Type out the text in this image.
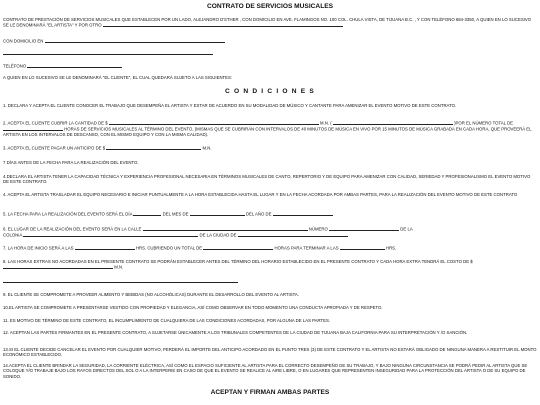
CONTRATO DE SERVICIOS MUSICALES
CONTRATO DE PRESTACIÓN DE SERVICIOS MUSICALES QUE ESTABLECEN POR UN LADO, ALEJANDRO D'STHER , CON DOMICILIO EN AVE. FLAMINGOS NO. 100 COL. CHULA VISTA, DE TIJUANA B.C. , Y CON TELÉFONO 684-3350, A QUIEN EN LO SUCESIVO SE LE DENOMINARÁ "EL ARTISTA" Y POR OTRO
CON DOMICILIO EN
TELÉFONO
A QUIEN EN LO SUCESIVO SE LE DENOMINARÁ "EL CLIENTE", EL CUAL QUEDARÁ SUJETO A LAS SIGUIENTES:
C O N D I C I O N E S
1. DECLARA Y ACEPTA EL CLIENTE CONOCER EL TRABAJO QUE DESEMPEÑA EL ARTISTA Y ESTAR DE ACUERDO EN SU MODALIDAD DE MÚSICO Y CANTANTE PARA AMENIZAR EL EVENTO MOTIVO DE ESTE CONTRATO.
2. ACEPTA EL CLIENTE CUBRIR LA CANTIDAD DE $	M.N. (	)POR EL NÚMERO TOTAL DE  HORAS DE SERVICIOS MUSICALES AL TÉRMINO DEL EVENTO, (MISMAS QUE SE CUBRIRÁN CON INTERVALOS DE 40 MINUTOS DE MÚSICA EN VIVO POR 15 MINUTOS DE MÚSICA GRABADA EN CADA HORA, QUE PROVEERÁ EL ARTISTA EN LOS INTERVALOS DE DESCANSO, CON EL MISMO EQUIPO Y CON LA MISMA CALIDAD).
3. ACEPTA EL CLIENTE PAGAR UN ANTICIPO DE $	M.N.
7 DÍAS ANTES DE LA FECHA PARA LA REALIZACIÓN DEL EVENTO.
4.DECLARA EL ARTISTA TENER LA CAPACIDAD TÉCNICA Y EXPERIENCIA PROFESIONAL NECESARIA EN TÉRMINOS MUSICALES DE CANTO, REPERTORIO Y DE EQUIPO PARA AMENIZAR CON CALIDAD, SERIEDAD Y PROFESIONALISMO EL EVENTO MOTIVO DE ESTE CONTRATO.
4. ACEPTA EL ARTISTA TRASLADAR EL EQUIPO NECESARIO E INICIAR PUNTUALMENTE A LA HORA ESTABLECIDA HASTA EL LUGAR Y EN LA FECHA ACORDADA POR AMBAS PARTES, PARA LA REALIZACIÓN DEL EVENTO MOTIVO DE ESTE CONTRATO
5. LA FECHA PARA LA REALIZACIÓN DEL EVENTO SERÁ EL DÍA	DEL MES DE	DEL AÑO DE
6. EL LUGAR DE LA REALIZACIÓN DEL EVENTO SERÁ EN LA CALLE	NÚMERO	DE LA
COLONIA	DE LA CIUDAD DE
7. LA HORA DE INICIO SERÁ A LAS	HRS. CUBRIENDO UN TOTAL DE	HORAS PARA TERMINAR A LAS	HRS.
8. LAS HORAS EXTRAS NO ACORDADAS EN EL PRESENTE CONTRATO SE PODRÁN ESTABLECER ANTES DEL TÉRMINO DEL HORARIO ESTABLECIDO EN EL PRESENTE CONTRATO Y CADA HORA EXTRA TENDRÁ EL COSTO DE $  M.N.
9. EL CLIENTE SE COMPROMETE A PROVEER ALIMENTO Y BEBIDAS (NO ALCOHÓLICAS) DURANTE EL DESARROLLO DEL EVENTO AL ARTISTA.
10.EL ARTISTA SE COMPROMETE A PRESENTARSE VESTIDO CON PROPIEDAD Y ELEGANCIA, ASÍ COMO OBSERVAR EN TODO MOMENTO UNA CONDUCTA APROPIADA Y DE RESPETO.
11. ES MOTIVO DE TÉRMINO DE ESTE CONTRATO, EL INCUMPLIMIENTO DE CUALQUIERA DE LAS CONDICIONES ACORDADAS, POR ALGUNA DE LAS PARTES.
12. ACEPTAN LAS PARTES FIRMANTES EN EL PRESENTE CONTRATO, A SUJETARSE ÚNICAMENTE A LOS TRIBUNALES COMPETENTES DE LA CIUDAD DE TIJUANA BAJA CALIFORNIA PARA SU INTERPRETACIÓN Y /O SANCIÓN.
13.SI EL CLIENTE DECIDE CANCELAR EL EVENTO POR CUALQUIER MOTIVO, PERDERÁ EL IMPORTE DEL ANTICIPO ACORDADO EN EL PUNTO TRES (3) DE ESTE CONTRATO Y EL ARTISTA NO ESTARÁ OBLIGADO DE NINGUNA MANERA A RESTITUIR EL MONTO ECONÓMICO ESTABLECIDO.
14.ACEPTA EL CLIENTE BRINDAR LA SEGURIDAD, LA CORRIENTE ELÉCTRICA, ASÍ COMO EL ESPACIO SUFICIENTE AL ARTISTA PARA EL CORRECTO DESEMPEÑO DE SU TRABAJO, Y BAJO NINGUNA CIRCUNSTANCIA SE PODRÁ PEDIR AL ARTISTA QUE SE COLOQUE Y/O TRABAJE BAJO LOS RAYOS DIRECTOS DEL SOL O A LA INTERPERIE EN CASO DE QUE EL EVENTO SE REALICE AL AIRE LIBRE, O EN LUGARES QUE REPRESENTEN INSEGURIDAD PARA LA PROTECCIÓN DEL ARTISTA O DE SU EQUIPO DE SONIDO.
ACEPTAN Y FIRMAN AMBAS PARTES
